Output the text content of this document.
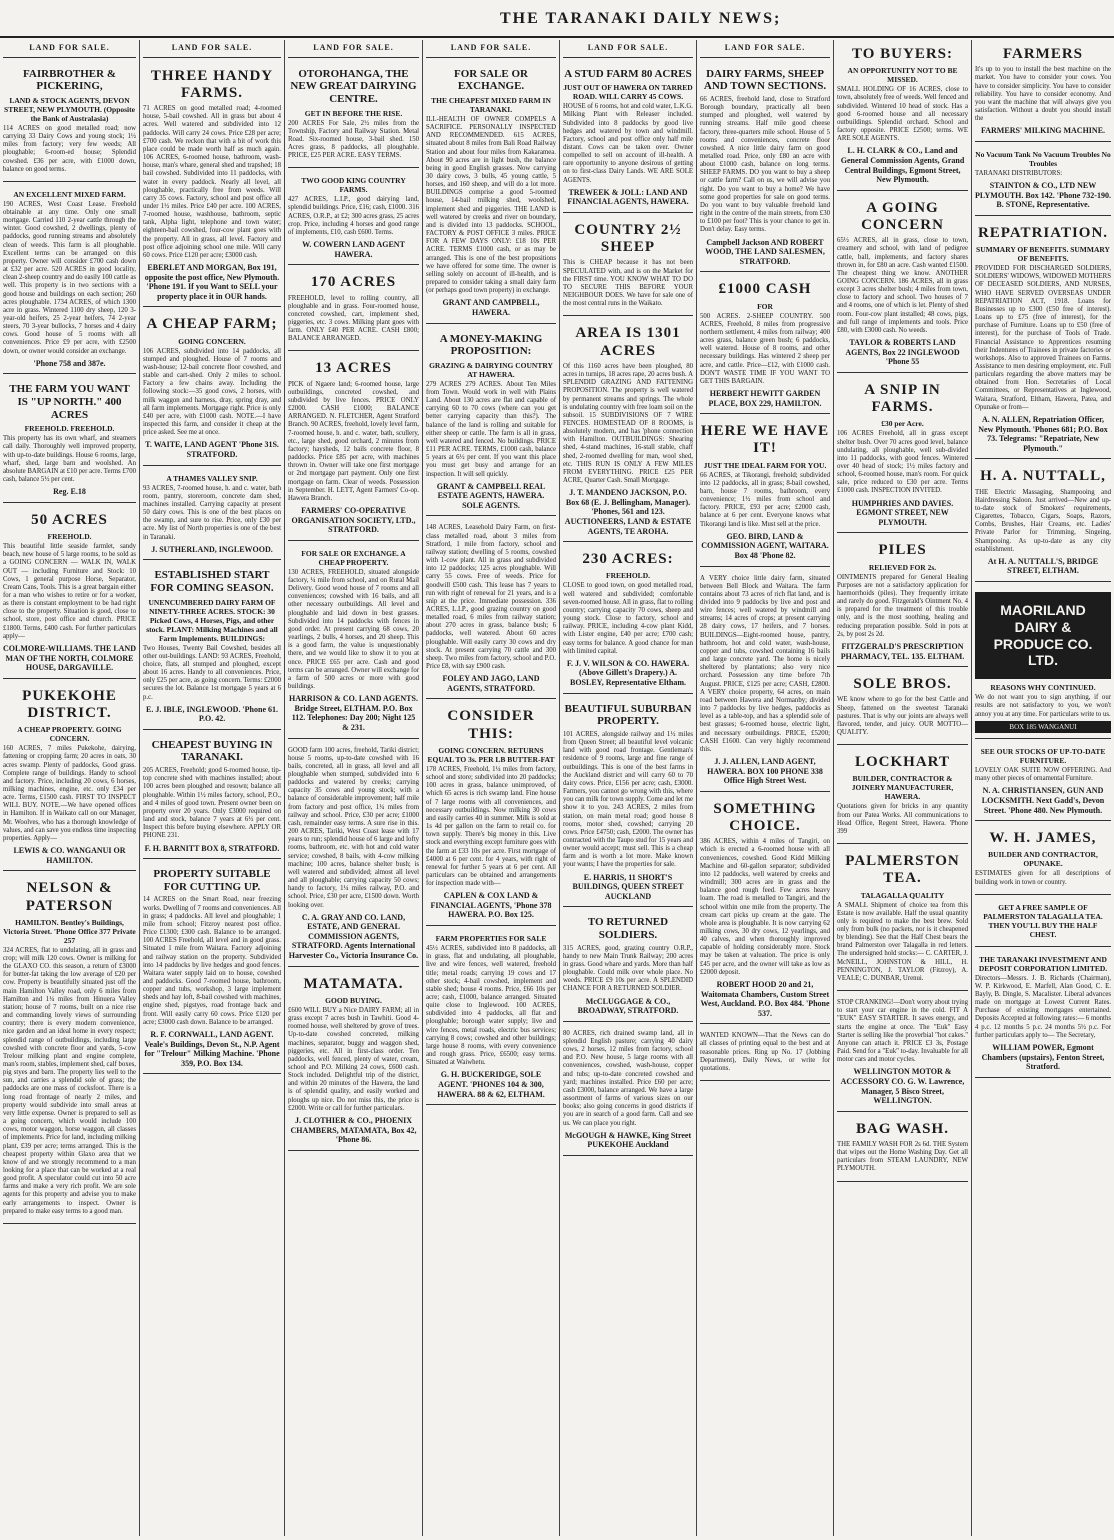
THE TARANAKI DAILY NEWS;
LAND FOR SALE.
FAIRBROTHER & PICKERING,
LAND & STOCK AGENTS, DEVON STREET, NEW PLYMOUTH. (Opposite the Bank of Australasia)
114 ACRES on good metalled road; now carrying 33 Dairy Cows and young stock; 1½ miles from factory; very few weeds; All ploughable; 6-room-ed house; Splendid cowshed. £36 per acre, with £1000 down, balance on good terms.
AN EXCELLENT MIXED FARM.
190 ACRES, West Coast Lease. Freehold obtainable at any time. Only one small mortgage. Carried 110 2-year cattle through the winter. Good cowshed, 2 dwellings, plenty of paddocks, good running streams and absolutely clean of weeds. This farm is all ploughable. Excellent terms can be arranged on this property. Owner will consider £700 cash down at £32 per acre. 520 ACRES in good locality, clean 2-sheep country and do easily 100 cattle as well. This property is in two sections with a good house and buildings on each section; 260 acres ploughable. 1734 ACRES, of which 1300 acre in grass. Wintered 1100 dry sheep, 120 3-year-old heifers, 25 2-year heifers, 74 2-year steers, 70 3-year bullocks, 7 horses and 4 dairy cows. Good house of 5 rooms with all conveniences. Price £9 per acre, with £2500 down, or owner would consider an exchange.
'Phone 758 and 387e.
THE FARM YOU WANT IS "UP NORTH." 400 ACRES
FREEHOLD. FREEHOLD.
This property has its own wharf, and steamers call daily. Thoroughly well improved property, with up-to-date buildings. House 6 rooms, large, wharf, shed, large barn and woolshed. An absolute BARGAIN at £10 per acre. Terms £700 cash, balance 5½ per cent.
Reg. E.18
50 ACRES
FREEHOLD.
This beautiful little seaside farmlet, sandy beach, new house of 5 large rooms, to be sold as a GOING CONCERN — WALK IN, WALK OUT — including Furniture and Stock: 10 Cows, 1 general purpose Horse, Separator, Cream Cans, Tools. This is a great bargain either for a man who wishes to retire or for a worker, as there is constant employment to be had right close to the property. Situation is good, close to school, store, post office and church. PRICE £1800. Terms, £400 cash. For further particulars apply—
COLMORE-WILLIAMS. THE LAND MAN OF THE NORTH, COLMORE HOUSE, DARGAVILLE.
PUKEKOHE DISTRICT.
A CHEAP PROPERTY. GOING CONCERN.
160 ACRES, 7 miles Pukekohe, dairying, fattening or cropping farm; 20 acres in oats, 30 acres swamp. Plenty of paddocks, Good grass. Complete range of buildings. Handy to school and factory. Price, including 20 cows, 6 horses, milking machines, engine, etc. only £34 per acre. Terms, £1500 cash. FIRST TO INSPECT WILL BUY. NOTE.—We have opened offices in Hamilton. If in Waikato call on our Manager, Mr. Woolves, who has a thorough knowledge of values, and can save you endless time inspecting properties. Apply—
LEWIS & CO. WANGANUI OR HAMILTON.
NELSON & PATERSON
HAMILTON. Bentley's Buildings, Victoria Street. 'Phone Office 377 Private 257
324 ACRES, flat to undulating, all in grass and crop; will milk 120 cows. Owner is milking for the GLAXO CO. this season, a return of £3000 for butter-fat taking the low average of £20 per cow. Property is beautifully situated just off the main Hamilton Valley road, only 6 miles from Hamilton and 1¼ miles from Hinuera Valley station; house of 7 rooms, built on a nice rise and commanding lovely views of surrounding country; there is every modern convenience, nice garden and an ideal home in every respect; splendid range of outbuildings, including large cowshed with concrete floor and yards, 5-cow Trelour milking plant and engine complete, man's room, stables, implement shed, calf boxes, pig styes and barn. The property lies well to the sun, and carries a splendid sole of grass; the paddocks are one mass of cocksfoot. There is a long road frontage of nearly 2 miles, and property would subdivide into small areas at very little expense. Owner is prepared to sell as a going concern, which would include 100 cows, motor waggon, horse waggon, all classes of implements. Price for land, including milking plant, £39 per acre; terms arranged. This is the cheapest property within Glaxo area that we know of and we strongly recommend to a man looking for a place that can be worked at a real good profit. A speculator could cut into 50 acre farms and make a very rich profit. We are sole agents for this property and advise you to make early arrangements to inspect. Owner is prepared to make easy terms to a good man.
LAND FOR SALE.
THREE HANDY FARMS.
71 ACRES on good metalled road; 4-roomed house, 5-bail cowshed. All in grass but about 4 acres. Well watered and subdivided into 12 paddocks. Will carry 24 cows. Price £28 per acre; £700 cash. We reckon that with a bit of work this place could be made worth half as much again. 106 ACRES, 6-roomed house, bathroom, wash-house, man's whare, general shed and trapshed; 18 bail cowshed. Subdivided into 11 paddocks, with water in every paddock. Nearly all level, all ploughable, practically free from weeds. Will carry 35 cows. Factory, school and post office all under 1½ miles. Price £40 per acre. 100 ACRES, 7-roomed house, washhouse, bathroom, septic tank, Alpha light, telephone and town water; eighteen-bail cowshed, four-cow plant goes with the property. All in grass, all level. Factory and post office adjoining school one mile. Will carry 60 cows. Price £120 per acre; £3000 cash.
EBERLET AND MORGAN, Box 191, opposite the post office, New Plymouth. 'Phone 191. If you Want to SELL your property place it in OUR hands.
A CHEAP FARM;
GOING CONCERN.
106 ACRES, subdivided into 14 paddocks, all stumped and ploughed. House of 7 rooms and wash-house; 12-bail concrete floor cowshed, and stable and cart-shed. Only 2 miles to school. Factory a few chains away. Including the following stock:—35 good cows, 2 horses, with milk waggon and harness, dray, spring dray, and all farm implements. Mortgage right. Price is only £40 per acre, with £1000 cash. NOTE.—I have inspected this farm, and consider it cheap at the price asked. See me at once.
T. WAITE, LAND AGENT 'Phone 31S. STRATFORD.
A THAMES VALLEY SNIP.
93 ACRES, 7-roomed house, h. and c. water, bath room, pantry, storeroom, concrete dam shed, machines installed. Carrying capacity at present 50 dairy cows. This is one of the best places on the swamp, and sure to rise. Price, only £30 per acre. My list of North properties is one of the best in Taranaki.
J. SUTHERLAND, INGLEWOOD.
ESTABLISHED START FOR COMING SEASON.
UNENCUMBERED DAIRY FARM OF NINETY-THREE ACRES. STOCK: 30 Picked Cows, 4 Horses, Pigs, and other stock. PLANT: Milking Machines and all Farm Implements. BUILDINGS:
Two Houses, Twenty Bail Cowshed, besides all other out-buildings. LAND: 93 ACRES, Freehold, choice, flats, all stumped and ploughed, except about 16 acres. Handy to all conveniences. Price, only £25 per acre, as going concern. Terms: £2000 secures the lot. Balance 1st mortgage 5 years at 6 p.c.
E. J. IBLE, INGLEWOOD. 'Phone 61. P.O. 42.
CHEAPEST BUYING IN TARANAKI.
205 ACRES, Freehold; good 6-roomed house, tip-top concrete shed with machines installed; about 100 acres been ploughed and resown; balance all ploughable. Within 1½ miles factory, school, P.O., and 4 miles of good town. Present owner been on property over 20 years. Only £3000 required on land and stock, balance 7 years at 6½ per cent. Inspect this before buying elsewhere. APPLY OR PHONE 231.
F. H. BARNITT BOX 8, STRATFORD.
PROPERTY SUITABLE FOR CUTTING UP.
14 ACRES on the Smart Road, near freezing works. Dwelling of 7 rooms and conveniences. All in grass; 4 paddocks. All level and ploughable; 1 mile from school; Fitzroy nearest post office. Price £1300; £300 cash. Balance to be arranged. 100 ACRES Freehold, all level and in good grass. Situated 1 mile from Waitara. Factory adjoining and railway station on the property. Subdivided into 14 paddocks by live hedges and good fences. Waitara water supply laid on to house, cowshed and paddocks. Good 7-roomed house, bathroom, copper and tubs, workshop, 3 large implement sheds and hay loft, 8-bail cowshed with machines, engine shed, pigstyes, road frontage back and front. Will easily carry 60 cows. Price £120 per acre; £3000 cash down. Balance to be arranged.
R. F. CORNWALL, LAND AGENT. Veale's Buildings, Devon St., N.P. Agent for "Trelour" Milking Machine. 'Phone 359, P.O. Box 134.
LAND FOR SALE.
OTOROHANGA, THE NEW GREAT DAIRYING CENTRE.
GET IN BEFORE THE RISE.
200 ACRES For Sale, 2½ miles from the Township, Factory and Railway Station. Metal Road. Six-roomed house, 3-bail shed. 150 Acres grass, 8 paddocks, all ploughable. PRICE, £25 PER ACRE. EASY TERMS.
TWO GOOD KING COUNTRY FARMS.
427 ACRES, L.I.P., good dairying land, splendid buildings. Price, £16; cash, £1000. 316 ACRES, O.R.P., at £2; 300 acres grass, 25 acres crop. Price, including 4 horses and good range of implements, £10, cash £600. Terms.
W. COWERN LAND AGENT HAWERA.
170 ACRES
FREEHOLD, level to rolling country, all ploughable and in grass. Four-roomed house, concreted cowshed, cart, implement shed, piggeries, etc. 3 cows. Milking plant goes with farm. ONLY £40 PER ACRE. CASH £800; BALANCE ARRANGED.
13 ACRES
PICK of Ngaere land; 6-roomed house, large outbuildings, concreted cowshed, and subdivided by live fences. PRICE ONLY £2000. CASH £1000; BALANCE ARRANGED. N. FLETCHER, Agent Stratford Branch. 90 ACRES, freehold, lovely level farm, 7-roomed house, h. and c. water, bath, scullery, etc., large shed, good orchard, 2 minutes from factory; haysheds, 12 bails concrete floor, 8 paddocks. Price £85 per acre, with machines thrown in. Owner will take one first mortgage or 2nd mortgage part payment. Only one first mortgage on farm. Clear of weeds. Possession in September. H. LETT, Agent Farmers' Co-op. Hawera Branch.
FARMERS' CO-OPERATIVE ORGANISATION SOCIETY, LTD., STRATFORD.
FOR SALE OR EXCHANGE. A CHEAP PROPERTY.
130 ACRES, FREEHOLD, situated alongside factory, ¼ mile from school, and on Rural Mail Delivery. Good wood house of 7 rooms and all conveniences; cowshed with 16 bails, and all other necessary outbuildings. All level and ploughable and laid down in best grasses. Subdivided into 14 paddocks with fences in good order. At present carrying 68 cows, 20 yearlings, 2 bulls, 4 horses, and 20 sheep. This is a good farm, the value is unquestionably there, and we would like to show it to you at once. PRICE £65 per acre. Cash and good terms can be arranged. Owner will exchange for a farm of 500 acres or more with good buildings.
HARRISON & CO. LAND AGENTS. Bridge Street, ELTHAM. P.O. Box 112. Telephones: Day 200; Night 125 & 231.
GOOD farm 100 acres, freehold, Tariki district; house 5 rooms, up-to-date cowshed with 16 bails, concreted, all in grass, all level and all ploughable when stumped, subdivided into 6 paddocks and watered by creeks; carrying capacity 35 cows and young stock; with a balance of considerable improvement; half mile from factory and post office, 1¼ miles from railway and school. Price, £30 per acre; £1000 cash, remainder easy terms. A sure rise in this. 200 ACRES, Tariki, West Coast lease with 17 years to run; splendid house of 6 large and lofty rooms, bathroom, etc. with hot and cold water service; cowshed, 8 bails, with 4-cow milking machine; 100 acres, balance shelter bush; is well watered and subdivided; almost all level and all ploughable; carrying capacity 50 cows; handy to factory, 1¼ miles railway, P.O. and school. Price, £30 per acre, £1500 down. Worth looking over.
C. A. GRAY AND CO. LAND, ESTATE, AND GENERAL COMMISSION AGENTS, STRATFORD. Agents International Harvester Co., Victoria Insurance Co.
MATAMATA.
GOOD BUYING.
£600 WILL BUY a Nice DAIRY FARM; all in grass except 7 acres bush in Tawhiti. Good 4-roomed house, well sheltered by grove of trees. Up-to-date cowshed concreted, milking machines, separator, buggy and waggon shed, piggeries, etc. All in first-class order. Ten paddocks, well fenced, plenty of water, cream, school and P.O. Milking 24 cows, £600 cash. Stock included. Delightful trip of the district, and within 20 minutes of the Hawera, the land is of splendid quality, and easily worked and ploughs up nice. Do not miss this, the price is £2000. Write or call for further particulars.
J. CLOTHIER & CO., PHOENIX CHAMBERS, MATAMATA, Box 42, 'Phone 86.
LAND FOR SALE.
FOR SALE OR EXCHANGE.
THE CHEAPEST MIXED FARM IN TARANAKI.
ILL-HEALTH OF OWNER COMPELS A SACRIFICE. PERSONALLY INSPECTED AND RECOMMENDED. 615 ACRES, situated about 8 miles from Bali Road Railway Station and about four miles from Kakaramea. About 90 acres are in light bush, the balance being in good English grasses. Now carrying 30 dairy cows, 3 bulls, 45 young cattle, 5 horses, and 160 sheep, and will do a lot more. BUILDINGS comprise a good 5-roomed house, 14-bail milking shed, woolshed, implement shed and piggeries. THE LAND is well watered by creeks and river on boundary, and is divided into 13 paddocks. SCHOOL, FACTORY & POST OFFICE 3 miles. PRICE FOR A FEW DAYS ONLY: £18 10s PER ACRE. TERMS £1000 cash, or as may be arranged. This is one of the best propositions we have offered for some time. The owner is selling solely on account of ill-health, and is prepared to consider taking a small dairy farm (or perhaps good town property) in exchange.
GRANT AND CAMPBELL, HAWERA.
A MONEY-MAKING PROPOSITION:
GRAZING & DAIRYING COUNTRY AT HAWERA.
279 ACRES 279 ACRES. About Ten Miles from Town. Would work in well with Plains Land. About 130 acres are flat and capable of carrying 60 to 70 cows (where can you get better carrying capacity than this?). The balance of the land is rolling and suitable for either sheep or cattle. The farm is all in grass, well watered and fenced. No buildings. PRICE £11 PER ACRE. TERMS, £1000 cash, balance 5 years at 6½ per cent. If you want this place you must get busy and arrange for an inspection. It will sell quickly.
GRANT & CAMPBELL REAL ESTATE AGENTS, HAWERA. SOLE AGENTS.
148 ACRES, Leasehold Dairy Farm, on first-class metalled road, about 3 miles from Stratford, 1 mile from factory, school and railway station; dwelling of 5 rooms, cowshed with 1-cow plant. All in grass and subdivided into 12 paddocks; 125 acres ploughable. Will carry 55 cows. Free of weeds. Price for goodwill £500 cash. This lease has 7 years to run with right of renewal for 21 years, and is a snip at the price. Immediate possession. 336 ACRES, L.I.P., good grazing country on good metalled road, 6 miles from railway station; about 270 acres in grass, balance bush; 6 paddocks, well watered. About 60 acres ploughable. Will easily carry 30 cows and dry stock. At present carrying 70 cattle and 300 sheep. Two miles from factory, school and P.O. Price £8, with say £900 cash.
FOLEY AND JAGO, LAND AGENTS, STRATFORD.
CONSIDER THIS:
GOING CONCERN. RETURNS EQUAL TO 3s. PER LB BUTTER-FAT
178 ACRES, Freehold, 1¼ miles from factory, school and store; subdivided into 20 paddocks; 100 acres in grass, balance unimproved, of which 65 acres is rich swamp land. Fine house of 7 large rooms with all conveniences, and necessary outbuildings. Now milking 30 cows and easily carries 40 in summer. Milk is sold at 1s 4d per gallon on the farm to retail co. for town supply. There's big money in this. Live stock and everything except furniture goes with the farm at £33 10s per acre. First mortgage of £4000 at 6 per cent. for 4 years, with right of renewal for further 5 years at 6 per cent. All particulars can be obtained and arrangements for inspection made with—
CAPLEN & COX LAND & FINANCIAL AGENTS, 'Phone 378 HAWERA. P.O. Box 125.
FARM PROPERTIES FOR SALE
45½ ACRES, subdivided into 8 paddocks, all in grass, flat and undulating, all ploughable, live and wire fences, well watered, freehold title; metal roads; carrying 19 cows and 17 other stock; 4-bail cowshed, implement and stable shed; house 4 rooms. Price, £66 10s per acre; cash, £1000, balance arranged. Situated quite close to Inglewood. 100 ACRES, subdivided into 4 paddocks, all flat and ploughable; borough water supply; live and wire fences, metal roads, electric bus services; carrying 8 cows; cowshed and other buildings; large house 8 rooms, with every convenience and rough grass. Price, £6500; easy terms. Situated at Waiwhetu.
G. H. BUCKERIDGE, SOLE AGENT. 'PHONES 104 & 300, HAWERA. 88 & 62, ELTHAM.
LAND FOR SALE.
A STUD FARM 80 ACRES
JUST OUT OF HAWERA ON TARRED ROAD. WILL CARRY 45 COWS.
HOUSE of 6 rooms, hot and cold water, L.K.G. Milking Plant with Releaser included. Subdivided into 8 paddocks by good live hedges and watered by town and windmill. Factory, school and post office only half mile distant. Cows can be taken over. Owner compelled to sell on account of ill-health. A rare opportunity to anyone desirous of getting on to first-class Dairy Lands. WE ARE SOLE AGENTS.
TREWEEK & JOLL: LAND AND FINANCIAL AGENTS, HAWERA.
COUNTRY 2½ SHEEP
This is CHEAP because it has not been SPECULATED with, and is on the Market for the FIRST time. YOU KNOW WHAT TO DO TO SECURE THIS BEFORE YOUR NEIGHBOUR DOES. We have for sale one of the most central runs in the Waikato.
AREA IS 1301 ACRES
Of this 1160 acres have been ploughed, 80 acres in turnips, 18 acres rape, 20 acres bush. A SPLENDID GRAZING AND FATTENING PROPOSITION. The property is well watered by permanent streams and springs. The whole is undulating country with free loam soil on the subsoil. 15 SUBDIVISIONS OF 7 WIRE FENCES. HOMESTEAD OF 8 ROOMS, is absolutely modern, and has 'phone connection with Hamilton. OUTBUILDINGS: Shearing shed, 4-stand machines, 16-stall stable, chaff shed, 2-roomed dwelling for man, wool shed, etc. THIS RUN IS ONLY A FEW MILES FROM EVERYTHING. PRICE £25 PER ACRE, Quarter Cash. Small Mortgage.
J. T. MANDENO JACKSON, P.O. Box 68 (E. J. Bellingham, Manager). 'Phones, 561 and 123. AUCTIONEERS, LAND & ESTATE AGENTS, TE AROHA.
230 ACRES:
FREEHOLD.
CLOSE to good town, on good metalled road, well watered and subdivided; comfortable seven-roomed house. All in grass, flat to rolling country; carrying capacity 70 cows, sheep and young stock. Close to factory, school and railway. PRICE, including 4-cow plant Kidd, with Lister engine, £40 per acre; £700 cash; easy terms for balance. A good chance for man with limited capital.
F. J. V. WILSON & CO. HAWERA. (Above Gillett's Drapery.) A. BOSLEY, Representative Eltham.
BEAUTIFUL SUBURBAN PROPERTY.
101 ACRES, alongside railway and 1½ miles from Queen Street; all beautiful level volcanic land with good road frontage. Gentleman's residence of 9 rooms, large and fine range of outbuildings. This is one of the best farms in the Auckland district and will carry 60 to 70 dairy cows. Price, £156 per acre; cash, £3000. Farmers, you cannot go wrong with this, where you can milk for town supply. Come and let me show it to you. 243 ACRES, 2 miles from station, on main metal road; good house 8 rooms, motor shed, cowshed; carrying 20 cows. Price £4750; cash, £2000. The owner has contracted with the Taupo stud for 15 years and owner would accept; must sell. This is a cheap farm and is worth a lot more. Make known your wants; I have the properties for sale.
E. HARRIS, 11 SHORT'S BUILDINGS, QUEEN STREET AUCKLAND
TO RETURNED SOLDIERS.
315 ACRES, good, grazing country O.R.P., handy to new Main Trunk Railway; 200 acres in grass. Good whare and yards. More than half ploughable. Could milk over whole place. No weeds. PRICE £9 10s per acre. A SPLENDID CHANCE FOR A RETURNED SOLDIER.
McCLUGGAGE & CO., BROADWAY, STRATFORD.
80 ACRES, rich drained swamp land, all in splendid English pasture; carrying 40 dairy cows, 2 horses, 12 miles from factory, school and P.O. New house, 5 large rooms with all conveniences, cowshed, wash-house, copper and tubs; up-to-date concreted cowshed and yard; machines installed. Price £60 per acre; cash £3000, balance arranged. We have a large assortment of farms of various sizes on our books; also going concerns in good districts if you are in search of a good farm. Call and see us. We can place you right.
McGOUGH & HAWKE, King Street PUKEKOHE Auckland
LAND FOR SALE.
DAIRY FARMS, SHEEP AND TOWN SECTIONS.
66 ACRES, freehold land, close to Stratford Borough boundary, practically all been stumped and ploughed, well watered by running streams. Half mile good cheese factory, three-quarters mile school. House of 5 rooms and conveniences, concrete floor cowshed. A nice little dairy farm on good metalled road. Price, only £80 an acre with about £1000 cash, balance on long terms. SHEEP FARMS. DO you want to buy a sheep or cattle farm? Call on us, we will advise you right. Do you want to buy a home? We have some good properties for sale on good terms. Do you want to buy valuable freehold land right in the centre of the main streets, from £30 to £100 per foot? This is your chance to get in. Don't delay. Easy terms.
Campbell Jackson AND ROBERT WOOD, THE LAND SALESMEN, STRATFORD.
£1000 CASH
FOR
500 ACRES. 2-SHEEP COUNTRY. 500 ACRES, Freehold, 8 miles from progressive northern settlement, 4 miles from railway; 400 acres grass, balance green bush; 6 paddocks, well watered. House of 8 rooms, and other necessary buildings. Has wintered 2 sheep per acre, and cattle. Price—£12, with £1000 cash. DON'T WASTE TIME IF YOU WANT TO GET THIS BARGAIN.
HERBERT HEWITT GARDEN PLACE, BOX 229, HAMILTON.
HERE WE HAVE IT!
JUST THE IDEAL FARM FOR YOU.
66 ACRES, at Tikorangi, freehold; subdivided into 12 paddocks, all in grass; 8-bail cowshed, barn, house 7 rooms, bathroom, every convenience; 1½ miles from school and factory. PRICE, £93 per acre; £2000 cash, balance at 6 per cent. Everyone knows what Tikorangi land is like. Must sell at the price.
GEO. BIRD, LAND & COMMISSION AGENT, WAITARA. Box 48 'Phone 82.
A VERY choice little dairy farm, situated between Bell Block and Waitara. The farm contains about 73 acres of rich flat land, and is divided into 9 paddocks by live and post and wire fences; well watered by windmill and streams; 14 acres of crops; at present carrying 28 dairy cows, 17 heifers, and 7 horses. BUILDINGS—Eight-roomed house, pantry, bathroom, hot and cold water, wash-house, copper and tubs, cowshed containing 16 bails and large concrete yard. The home is nicely sheltered by plantations; also very nice orchard. Possession any time before 7th August. PRICE, £125 per acre; CASH, £2800. A VERY choice property, 64 acres, on main road between Hawera and Normanby; divided into 7 paddocks by live hedges, paddocks as level as a table-top, and has a splendid sole of best grasses; 6-roomed house, electric light, and necessary outbuildings. PRICE, £5200; CASH £1600. Can very highly recommend this.
J. J. ALLEN, LAND AGENT, HAWERA. BOX 100 PHONE 338 Office High Street West.
SOMETHING CHOICE.
386 ACRES, within 4 miles of Tangiri, on which is erected a 6-roomed house with all conveniences, cowshed. Good Kidd Milking Machine and 60-gallon separator; subdivided into 12 paddocks, well watered by creeks and windmill; 300 acres are in grass and the balance good rough feed. Few acres heavy loam. The road is metalled to Tangiri, and the school within one mile from the property. The cream cart picks up cream at the gate. The whole area is ploughable. It is now carrying 62 milking cows, 30 dry cows, 12 yearlings, and 40 calves, and when thoroughly improved capable of holding considerably more. Stock may be taken at valuation. The price is only £45 per acre, and the owner will take as low as £2000 deposit.
ROBERT HOOD 20 and 21, Waitomata Chambers, Custom Street West, Auckland. P.O. Box 484. 'Phone 537.
WANTED KNOWN—That the News can do all classes of printing equal to the best and at reasonable prices. Ring up No. 17 (Jobbing Department), Daily News, or write for quotations.
TO BUYERS:
AN OPPORTUNITY NOT TO BE MISSED.
SMALL HOLDING OF 16 ACRES, close to town, absolutely free of weeds. Well fenced and subdivided. Wintered 10 head of stock. Has a good 6-roomed house and all necessary outbuildings. Splendid orchard. School and factory opposite. PRICE £2500; terms. WE ARE SOLE AGENTS.
L. H. CLARK & CO., Land and General Commission Agents, Grand Central Buildings, Egmont Street, New Plymouth.
A GOING CONCERN
65½ ACRES, all in grass, close to town, creamery and school, with land of pedigree cattle, ball, implements, and factory shares thrown in, for £80 an acre. Cash wanted £1500. The cheapest thing we know. ANOTHER GOING CONCERN. 186 ACRES, all in grass except 3 acres shelter bush; 4 miles from town, close to factory and school. Two houses of 7 and 4 rooms, one of which is let. Plenty of shed room. Four-cow plant installed; 48 cows, pigs, and full range of implements and tools. Price £80, with £3000 cash. No weeds.
TAYLOR & ROBERTS LAND AGENTS, Box 22 INGLEWOOD 'Phone 55
A SNIP IN FARMS.
£30 per Acre.
106 ACRES Freehold, all in grass except shelter bush. Over 70 acres good level, balance undulating, all ploughable, well sub-divided into 11 paddocks, with good fences. Wintered over 40 head of stock; 1½ miles factory and school, 6-roomed house, man's room. For quick sale, price reduced to £30 per acre. Terms £1000 cash. INSPECTION INVITED.
HUMPHRIES AND DAVIES. EGMONT STREET, NEW PLYMOUTH.
PILES
RELIEVED FOR 2s.
OINTMENTS prepared for General Healing Purposes are not a satisfactory application for haemorrhoids (piles). They frequently irritate and rarely do good. Fitzgerald's Ointment No. 4 is prepared for the treatment of this trouble only, and is the most soothing, healing and reducing preparation possible. Sold in pots at 2s, by post 2s 2d.
FITZGERALD'S PRESCRIPTION PHARMACY, TEL. 135. ELTHAM.
SOLE BROS.
WE know where to go for the best Cattle and Sheep, fattened on the sweetest Taranaki pastures. That is why our joints are always well flavored, tender, and juicy. OUR MOTTO—QUALITY.
LOCKHART
BUILDER, CONTRACTOR & JOINERY MANUFACTURER, HAWERA.
Quotations given for bricks in any quantity from our Patea Works. All communications to Head Office, Regent Street, Hawera. 'Phone 399
PALMERSTON TEA.
TALAGALLA QUALITY
A SMALL Shipment of choice tea from this Estate is now available. Half the usual quantity only is required to make the best brew. Sold only from bulk (no packets, nor is it cheapened by blending). See that the Half Chest bears the brand Palmerston over Talagalla in red letters. The undersigned hold stocks:— C. CARTER, J. McNEILL, JOHNSTON & HILL, H. PENNINGTON, J. TAYLOR (Fitzroy), A. VEALE; C. DUNBAR, Urenui.
STOP CRANKING!—Don't worry about trying to start your car engine in the cold. FIT A "EUK" EASY STARTER. It saves energy, and starts the engine at once. The "Euk" Easy Starter is selling like the proverbial "hot cakes." Anyone can attach it. PRICE £3 3s, Postage Paid. Send for a "Euk" to-day. Invaluable for all motor cars and motor cycles.
WELLINGTON MOTOR & ACCESSORY CO. G. W. Lawrence, Manager, 5 Bisco Street, WELLINGTON.
BAG WASH.
THE FAMILY WASH FOR 2s 6d. THE System that wipes out the Home Washing Day. Get all particulars from STEAM LAUNDRY, NEW PLYMOUTH.
FARMERS
It's up to you to install the best machine on the market. You have to consider your cows. You have to consider simplicity. You have to consider reliability. You have to consider economy. And you want the machine that will always give you satisfaction. Without a doubt you should install the
FARMERS' MILKING MACHINE.
No Vacuum Tank No Vacuum Troubles No Troubles
TARANAKI DISTRIBUTORS:
STAINTON & CO., LTD NEW PLYMOUTH. Box 142. 'Phone 732-190. B. STONE, Representative.
REPATRIATION.
SUMMARY OF BENEFITS. SUMMARY OF BENEFITS.
PROVIDED FOR DISCHARGED SOLDIERS, SOLDIERS' WIDOWS, WIDOWED MOTHERS OF DECEASED SOLDIERS, AND NURSES, WHO HAVE SERVED OVERSEAS UNDER REPATRIATION ACT, 1918. Loans for Businesses up to £300 (£50 free of interest). Loans up to £75 (free of interest), for the purchase of Furniture. Loans up to £50 (free of interest), for the purchase of Tools of Trade. Financial Assistance to Apprentices resuming their Indentures of Trainees in private factories or workshops. Also to approved Trainees on Farms. Assistance to men desiring employment, etc. Full particulars regarding the above matters may be obtained from Hon. Secretaries of Local Committees, or Representatives at Inglewood, Waitara, Stratford, Eltham, Hawera, Patea, and Opunake or from—
A. N. ALLEN, Repatriation Officer, New Plymouth. 'Phones 681; P.O. Box 73. Telegrams: "Repatriate, New Plymouth."
H. A. NUTTALL,
THE Electric Massaging, Shampooing and Hairdressing Saloon. Just arrived—New and up-to-date stock of Smokers' requirements, Cigarettes, Tobacco, Cigars, Soaps, Razors, Combs, Brushes, Hair Creams, etc. Ladies' Private Parlor for Trimming, Singeing, Shampooing. As up-to-date as any city establishment.
At H. A. NUTTALL'S, BRIDGE STREET, ELTHAM.
MAORILAND DAIRY & PRODUCE CO. LTD.
REASONS WHY CONTINUED.
We do not want you to sign anything, if our results are not satisfactory to you, we won't annoy you at any time. For particulars write to us.
BOX 185 WANGANUI
SEE OUR STOCKS OF UP-TO-DATE FURNITURE.
LOVELY OAK SUITE NOW OFFERING. And many other pieces of ornamental Furniture.
N. A. CHRISTIANSEN, GUN AND LOCKSMITH. Next Gadd's, Devon Street. 'Phone 480. New Plymouth.
W. H. JAMES,
BUILDER AND CONTRACTOR, OPUNAKE.
ESTIMATES given for all descriptions of building work in town or country.
GET A FREE SAMPLE OF PALMERSTON TALAGALLA TEA. THEN YOU'LL BUY THE HALF CHEST.
THE TARANAKI INVESTMENT AND DEPOSIT CORPORATION LIMITED.
Directors—Messrs. J. B. Richards (Chairman), W. P. Kirkwood, E. Marfell, Alan Good, C. E. Bayly, B. Dingle, S. Macalister. Liberal advances made on mortgage at Lowest Current Rates. Purchase of existing mortgages entertained. Deposits Accepted at following rates:— 6 months 4 p.c. 12 months 5 p.c. 24 months 5½ p.c. For further particulars apply to— The Secretary,
WILLIAM POWER, Egmont Chambers (upstairs), Fenton Street, Stratford.
